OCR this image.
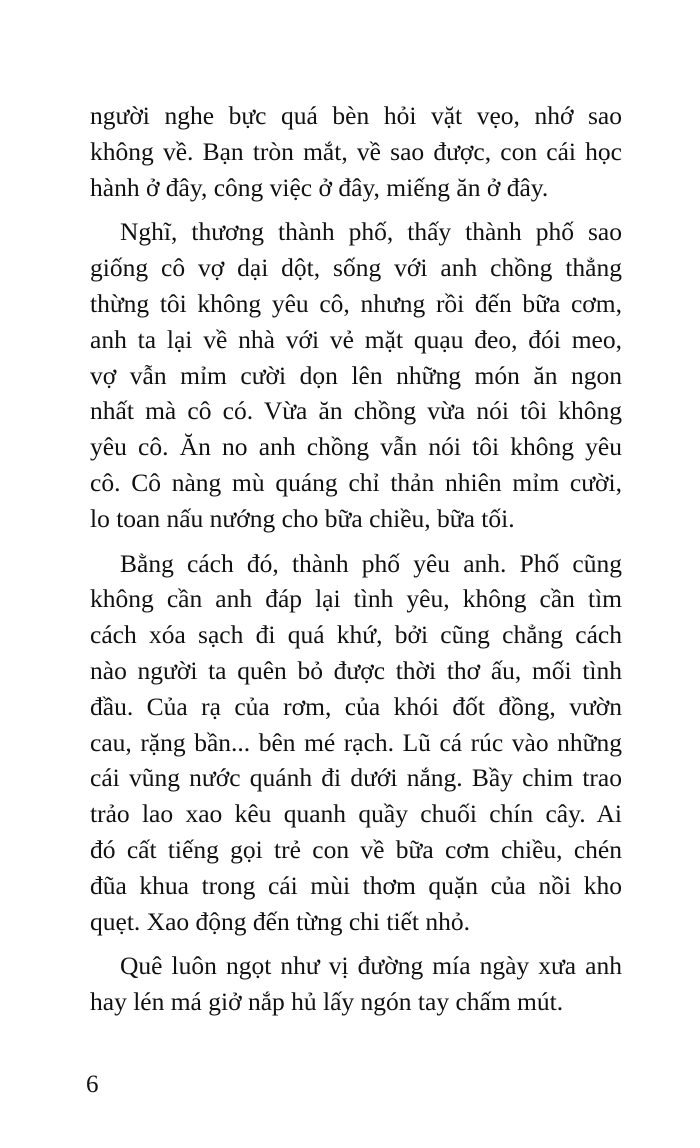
người nghe bực quá bèn hỏi vặt vẹo, nhớ sao
không về. Bạn tròn mắt, về sao được, con cái học
hành ở đây, công việc ở đây, miếng ăn ở đây.
Nghĩ, thương thành phố, thấy thành phố sao
giống cô vợ dại dột, sống với anh chồng thẳng
thừng tôi không yêu cô, nhưng rồi đến bữa cơm,
anh ta lại về nhà với vẻ mặt quạu đeo, đói meo,
vợ vẫn mỉm cười dọn lên những món ăn ngon
nhất mà cô có. Vừa ăn chồng vừa nói tôi không
yêu cô. Ăn no anh chồng vẫn nói tôi không yêu
cô. Cô nàng mù quáng chỉ thản nhiên mỉm cười,
lo toan nấu nướng cho bữa chiều, bữa tối.
Bằng cách đó, thành phố yêu anh. Phố cũng
không cần anh đáp lại tình yêu, không cần tìm
cách xóa sạch đi quá khứ, bởi cũng chẳng cách
nào người ta quên bỏ được thời thơ ấu, mối tình
đầu. Của rạ của rơm, của khói đốt đồng, vườn
cau, rặng bần... bên mé rạch. Lũ cá rúc vào những
cái vũng nước quánh đi dưới nắng. Bầy chim trao
trảo lao xao kêu quanh quầy chuối chín cây. Ai
đó cất tiếng gọi trẻ con về bữa cơm chiều, chén
đũa khua trong cái mùi thơm quặn của nồi kho
quẹt. Xao động đến từng chi tiết nhỏ.
Quê luôn ngọt như vị đường mía ngày xưa anh
hay lén má giở nắp hủ lấy ngón tay chấm mút.
6
